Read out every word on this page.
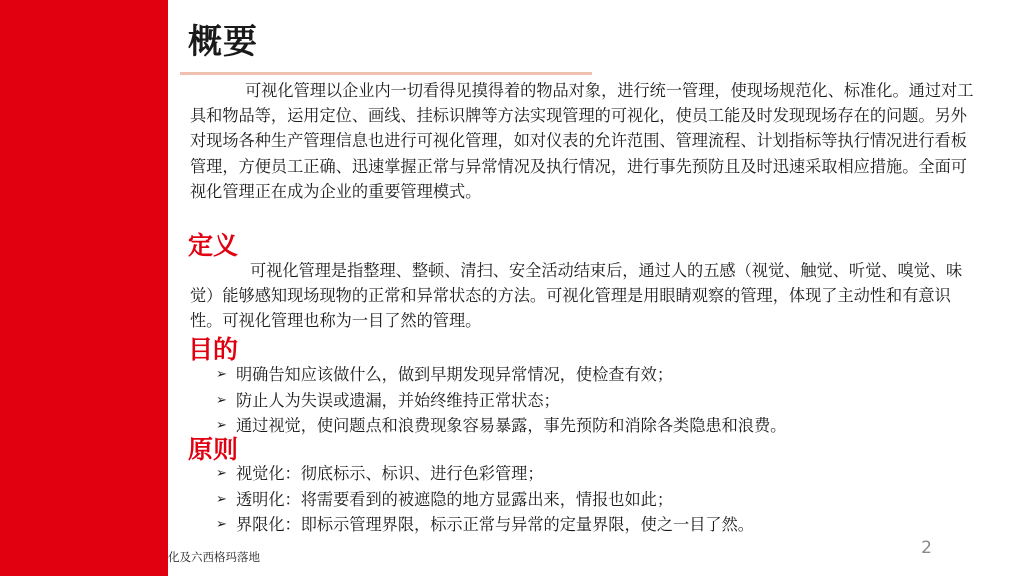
概要

可视化管理以企业内一切看得见摸得着的物品对象，进行统一管理，使现场规范化、标准化。通过对工具和物品等，运用定位、画线、挂标识牌等方法实现管理的可视化，使员工能及时发现现场存在的问题。另外对现场各种生产管理信息也进行可视化管理，如对仪表的允许范围、管理流程、计划指标等执行情况进行看板管理，方便员工正确、迅速掌握正常与异常情况及执行情况，进行事先预防且及时迅速采取相应措施。全面可视化管理正在成为企业的重要管理模式。

定义

可视化管理是指整理、整顿、清扫、安全活动结束后，通过人的五感（视觉、触觉、听觉、嗅觉、味觉）能够感知现场现物的正常和异常状态的方法。可视化管理是用眼睛观察的管理，体现了主动性和有意识性。可视化管理也称为一目了然的管理。

目的
➢ 明确告知应该做什么，做到早期发现异常情况，使检查有效；
➢ 防止人为失误或遗漏，并始终维持正常状态；
➢ 通过视觉，使问题点和浪费现象容易暴露，事先预防和消除各类隐患和浪费。
原则
➢ 视觉化：彻底标示、标识、进行色彩管理；
➢ 透明化：将需要看到的被遮隐的地方显露出来，情报也如此；
➢ 界限化：即标示管理界限，标示正常与异常的定量界限，使之一目了然。
化及六西格玛落地	2
